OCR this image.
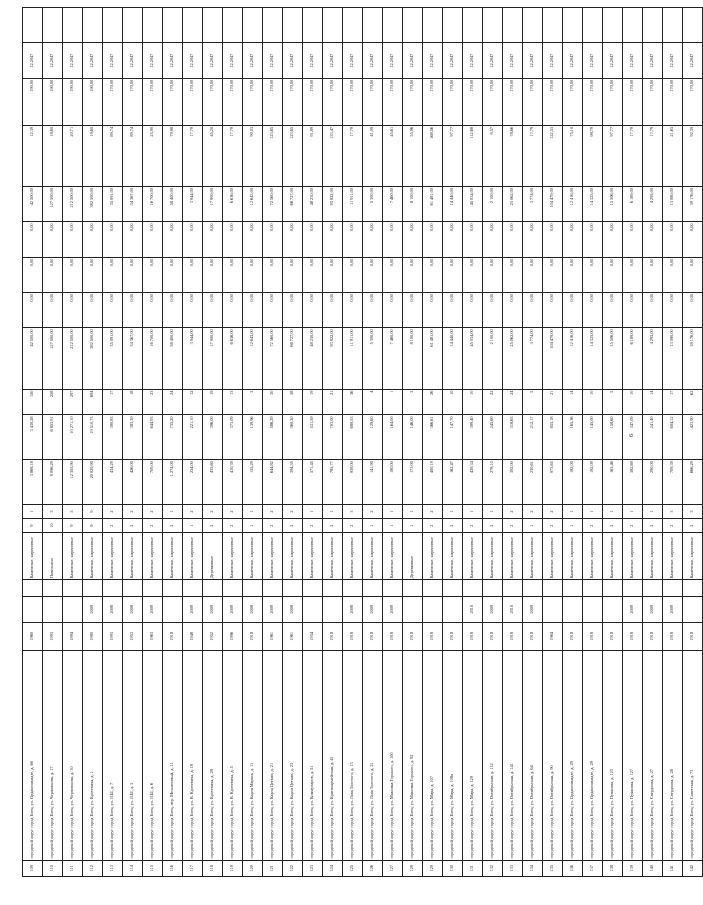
109	городской округ город Елец, ул. Орджоникидзе, д. 6б	1960			Каменные, кирпичные	9	1	3 868,18	3 430,28	150	42 500,00	0,00	0,00	0,00	42 500,00	12,39	190,00	12.2047	
110	городской округ город Елец, ул. Черновкина, д. 17	1993			Панельные	10	3	9 096,29	6 853,91	258	127 500,00	0,00	0,00	0,00	127 500,00	18,60	190,00	12.2047	
111	городской округ город Елец, ул. Черновкина, д. 10	1994			Каменные, кирпичные	9	5	12 305,90	10 271,10	297	212 500,00	0,00	0,00	0,00	212 500,00	20,71	190,00	12.2047	
112	городской округ город Елец, ул. Кротевича, д. 1	1980	2009		Каменные, кирпичные	9	9	20 029,90	19 510,73	694	382 500,00	0,00	0,00	0,00	382 500,00	19,60	190,00	12.2047	
113	городской округ город Елец, ул. Л.Ы, д. 7	1993	2008		Каменные, кирпичные	2	2	434,29	390,83	17	35 091,00	0,00	0,00	0,00	35 091,00	89,74	170,00	12.2047	
114	городской округ город Елец, ул. Л.Ы, д. 5	1953	2008		Каменные, кирпичные	2	2	426,00	383,39	18	34 367,00	0,00	0,00	0,00	34 367,00	89,74	170,00	12.2047	
115	городской округ город Елец, ул. Л.Ы, д. 6	1963	2009		Каменные, кирпичные	2	2	709,00	644,93	23	16 700,00	0,00	0,00	0,00	16 700,00	25,90	170,00	12.2047	
116	городской округ город Елец, пер. Мельничный, д. 11	1918			Каменные, кирпичные	2	1	1 274,00	735,20	24	58 400,00	0,00	0,00	0,00	58 400,00	79,98	170,00	12.2047	
117	городской округ город Елец, ул. В. Кротевича, д. 19	1948	2009		Каменные, кирпичные	1	2	254,00	221,10	12	3 944,00	0,00	0,00	0,00	3 944,00	17,79	170,00	12.2047	
118	городской округ город Елец, ул. Кротевича, д. 28	1952	2009		Деревянные	2	2	435,60	396,00	19	17 900,00	0,00	0,00	0,00	17 900,00	45,20	170,00	12.2047	
119	городской округ город Елец, ул. В. Кротевича, д. 5	1996	2009		Каменные, кирпичные	2	2	410,39	373,09	13	6 636,00	0,00	0,00	0,00	6 636,00	17,79	170,00	12.2047	
120	городской округ город Елец, ул. Карла Маркса, д. 11	1918	2008		Каменные, кирпичные	1	1	155,29	139,96	3	12 643,00	0,00	0,00	0,00	12 643,00	90,03	170,00	12.2047	
121	городской округ город Елец, ул. Карла Цеткин, д. 21	1961	2009		Каменные, кирпичные	2	2	644,82	586,29	30	72 560,00	0,00	0,00	0,00	72 560,00	123,65	170,00	12.2047	
122	городской округ город Елец, ул. Карла Цеткин, д. 23	1961	2008		Каменные, кирпичные	2	2	394,55	360,50	58	66 727,00	0,00	0,00	0,00	66 727,00	123,65	170,00	12.2047	
123	городской округ город Елец, ул. Коммунаров, д. 51	1954			Каменные, кирпичные	2	1	571,45	531,59	19	48 230,00	0,00	0,00	0,00	48 230,00	91,89	170,00	12.2047	
124	городской округ город Елец, ул. Красноармейская, д. 41	1918			Каменные, кирпичные	2	1	785,77	703,00	21	93 822,00	0,00	0,00	0,00	93 822,00	133,47	170,00	12.2047	
125	городской округ город Елец, ул. Льва Толстого, д. 13	1918	2008		Каменные, кирпичные	2	3	959,00	680,53	36	11 911,00	0,00	0,00	0,00	11 911,00	17,79	170,00	12.2047	
126	городской округ город Елец, ул. Льва Толстого, д. 21	1918	2009		Каменные, кирпичные	1	2	141,90	129,60	4	5 300,00	0,00	0,00	0,00	5 300,00	41,09	170,00	12.2047	
127	городской округ город Елец, ул. Максима Горького, д. 100	1918	2009		Каменные, кирпичные	1	1	180,00	164,00	1	7 460,00	0,00	0,00	0,00	7 460,00	45,61	170,00	12.2047	
128	городской округ город Елец, ул. Максима Горького, д. 92	1918			Деревянные	1	1	171,00	146,00	3	8 100,00	0,00	0,00	0,00	8 100,00	55,96	170,00	12.2047	
129	городской округ город Елец, ул. Мира, д. 107	1918			Каменные, кирпичные	2	2	400,19	366,61	26	61 481,00	0,00	0,00	0,00	61 481,00	168,56	170,00	12.2047	
130	городской округ город Елец, ул. Мира, д. 108а	1918			Каменные, кирпичные	2	1	162,47	147,70	10	14 440,00	0,00	0,00	0,00	14 440,00	97,77	170,00	12.2047	
131	городской округ город Елец, ул. Мира, д. 129	1918	2010		Каменные, кирпичные	2	1	439,34	399,40	10	45 034,00	0,00	0,00	0,00	45 034,00	112,68	170,00	12.2047	
132	городской округ город Елец, ул. Октябрьская, д. 112	1918	2009		Каменные, кирпичные	2	1	278,10	245,60	22	2 100,00	0,00	0,00	0,00	2 100,00	8,57	170,00	12.2047	
133	городской округ город Елец, ул. Октябрьская, д. 141	1918	2010		Каменные, кирпичные	2	2	392,00	318,63	24	25 062,00	0,00	0,00	0,00	25 062,00	78,66	170,00	12.2047	
134	городской округ город Елец, ул. Октябрьская, д. 64	1918	2009		Каменные, кирпичные	1	2	230,61	212,17	5	3 774,00	0,00	0,00	0,00	3 774,00	17,79	170,00	12.2047	
135	городской округ город Елец, ул. Октябрьская, д. 90	1964			Каменные, кирпичные	2	2	973,65	855,18	21	104 479,00	0,00	0,00	0,00	104 479,00	122,53	170,00	12.2047	
136	городской округ город Елец, ул. Орджоникидзе, д. 29	1918			Каменные, кирпичные	1	1	182,00	165,36	14	12 416,00	0,00	0,00	0,00	12 416,00	75,10	170,00	12.2047	
137	городской округ город Елец, ул. Орджоникидзе, д. 29	1918			Каменные, кирпичные	2	1	192,09	145,00	10	14 325,00	0,00	0,00	0,00	14 325,00	98,79	170,00	12.2047	
138	городской округ город Елец, ул. Пушкина, д. 123	1918			Каменные, кирпичные	2	1	163,46	158,60	5	15 506,00	0,00	0,00	0,00	15 506,00	97,77	170,00	12.2047	
139	городской округ город Елец, ул. Пушкина, д. 127	1918	2009		Каменные, кирпичные	2	1	382,69	347,09	10	6 189,00	0,00	0,00	0,00	6 189,00	17,79	170,00	12.2047	
140	городской округ город Елец, ул. Свердлова, д. 27	1918	2009		Каменные, кирпичные	2	1	290,00	241,40	14	4 295,00	0,00	0,00	0,00	4 295,00	17,79	170,00	12.2047	
141	городской округ город Елец, ул. Свердлова, д. 28	1918	2009		Каменные, кирпичные	2	3	709,39	604,12	17	13 080,00	0,00	0,00	0,00	13 080,00	21,65	170,00	12.2047	
142	городской округ город Елец, ул. Советская, д. 73	1918			Каменные, кирпичные	2	3	666,29	423,90	62	39 176,00	0,00	0,00	0,00	39 176,00	92,39	170,00	12.2047	
6
